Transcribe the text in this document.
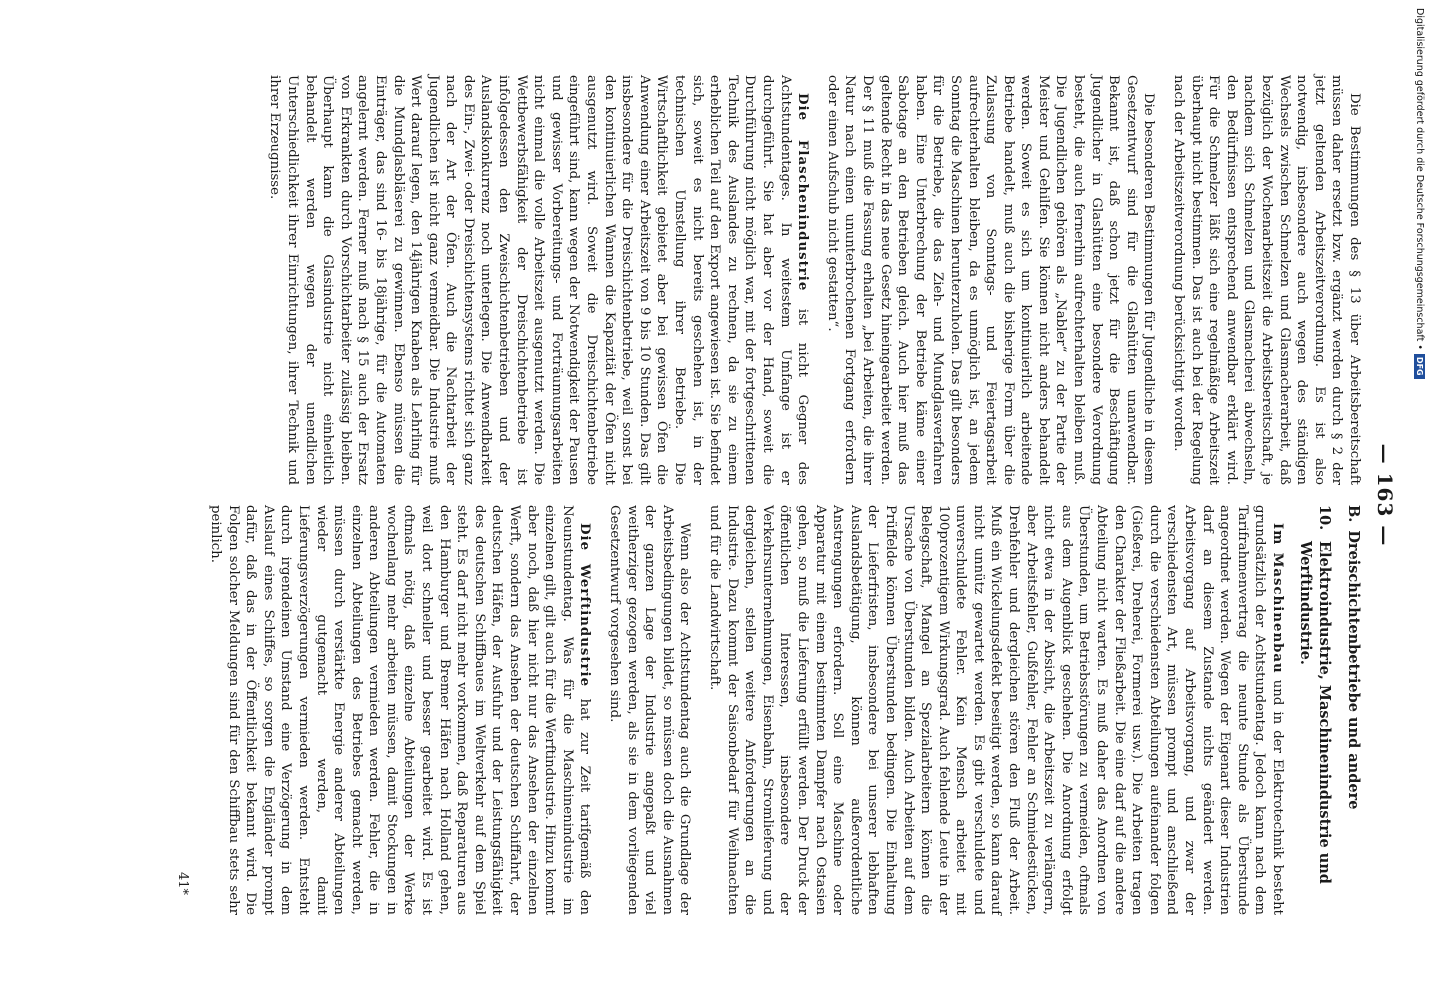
— 163 —

Die Bestimmungen des § 13 über Arbeitsbereitschaft müssen daher ersetzt bzw. ergänzt werden durch § 2 der jetzt geltenden Arbeitszeitverordnung. Es ist also notwendig, insbesondere auch wegen des ständigen Wechsels zwischen Schmelzen und Glasmacherarbeit, daß bezüglich der Wochenarbeitszeit die Arbeitsbereitschaft, je nachdem sich Schmelzen und Glasmacherei abwechseln, den Bedürfnissen entsprechend anwendbar erklärt wird. Für die Schmelzer läßt sich eine regelmäßige Arbeitszeit überhaupt nicht bestimmen. Das ist auch bei der Regelung nach der Arbeitszeitverordnung berücksichtigt worden.

Die besonderen Bestimmungen für Jugendliche in diesem Gesetzentwurf sind für die Glashütten unanwendbar. Bekannt ist, daß schon jetzt für die Beschäftigung Jugendlicher in Glashütten eine besondere Verordnung besteht, die auch fernerhin aufrechterhalten bleiben muß. Die Jugendlichen gehören als „Nabler“ zu der Partie der Meister und Gehilfen. Sie können nicht anders behandelt werden. Soweit es sich um kontinuierlich arbeitende Betriebe handelt, muß auch die bisherige Form über die Zulassung von Sonntags- und Feiertagsarbeit aufrechterhalten bleiben, da es unmöglich ist, an jedem Sonntag die Maschinen herunterzuholen. Das gilt besonders für die Betriebe, die das Zieh- und Mundglasverfahren haben. Eine Unterbrechung der Betriebe käme einer Sabotage an den Betrieben gleich. Auch hier muß das geltende Recht in das neue Gesetz hineingearbeitet werden. Der § 11 muß die Fassung erhalten „bei Arbeiten, die ihrer Natur nach einen ununterbrochenen Fortgang erfordern oder einen Aufschub nicht gestatten“.

Die Flaschenindustrie ist nicht Gegner des Achtstundentages. In weitestem Umfange ist er durchgeführt. Sie hat aber vor der Hand, soweit die Durchführung nicht möglich war, mit der fortgeschrittenen Technik des Auslandes zu rechnen, da sie zu einem erheblichen Teil auf den Export angewiesen ist. Sie befindet sich, soweit es nicht bereits geschehen ist, in der technischen Umstellung ihrer Betriebe. Die Wirtschaftlichkeit gebietet aber bei gewissen Öfen die Anwendung einer Arbeitszeit von 9 bis 10 Stunden. Das gilt insbesondere für die Dreischichtenbetriebe, weil sonst bei den kontinuierlichen Wannen die Kapazität der Öfen nicht ausgenutzt wird. Soweit die Dreischichtenbetriebe eingeführt sind, kann wegen der Notwendigkeit der Pausen und gewisser Vorbereitungs- und Forträumungsarbeiten nicht einmal die volle Arbeitszeit ausgenutzt werden. Die Wettbewerbsfähigkeit der Dreischichtenbetriebe ist infolgedessen den Zweischichtenbetrieben und der Auslandskonkurrenz noch unterlegen. Die Anwendbarkeit des Ein-, Zwei- oder Dreischichtensystems richtet sich ganz nach der Art der Öfen. Auch die Nachtarbeit der Jugendlichen ist nicht ganz vermeidbar. Die Industrie muß Wert darauf legen, den 14jährigen Knaben als Lehrling für die Mundglasbläserei zu gewinnen. Ebenso müssen die Einträger, das sind 16- bis 18jährige, für die Automaten angelernt werden. Ferner muß nach § 15 auch der Ersatz von Erkrankten durch Vorschichtarbeiter zulässig bleiben. Überhaupt kann die Glasindustrie nicht einheitlich behandelt werden wegen der unendlichen Unterschiedlichkeit ihrer Einrichtungen, ihrer Technik und ihrer Erzeugnisse.

B.Dreischichtenbetriebe und andere
10.Elektroindustrie, Maschinenindustrie und Werftindustrie.

Im Maschinenbau und in der Elektrotechnik besteht grundsätzlich der Achtstundentag. Jedoch kann nach dem Tarifrahmenvertrag die neunte Stunde als Überstunde angeordnet werden. Wegen der Eigenart dieser Industrien darf an diesem Zustande nichts geändert werden. Arbeitsvorgang auf Arbeitsvorgang, und zwar der verschiedensten Art, müssen prompt und anschließend durch die verschiedensten Abteilungen aufeinander folgen (Gießerei, Dreherei, Formerei usw.). Die Arbeiten tragen den Charakter der Fließarbeit. Die eine darf auf die andere Abteilung nicht warten. Es muß daher das Anordnen von Überstunden, um Betriebsstörungen zu vermeiden, oftmals aus dem Augenblick geschehen. Die Anordnung erfolgt nicht etwa in der Absicht, die Arbeitszeit zu verlängern, aber Arbeitsfehler, Gußfehler, Fehler an Schmiedestücken, Drehfehler und dergleichen stören den Fluß der Arbeit. Muß ein Wickelungsdefekt beseitigt werden, so kann darauf nicht unnütz gewartet werden. Es gibt verschuldete und unverschuldete Fehler. Kein Mensch arbeitet mit 100prozentigem Wirkungsgrad. Auch fehlende Leute in der Belegschaft, Mangel an Spezialarbeitern können die Ursache von Überstunden bilden. Auch Arbeiten auf dem Prüffelde können Überstunden bedingen. Die Einhaltung der Lieferfristen, insbesondere bei unserer lebhaften Auslandsbetätigung, können außerordentliche Anstrengungen erfordern. Soll eine Maschine oder Apparatur mit einem bestimmten Dampfer nach Ostasien gehen, so muß die Lieferung erfüllt werden. Der Druck der öffentlichen Interessen, insbesondere der Verkehrsunternehmungen, Eisenbahn, Stromlieferung und dergleichen, stellen weitere Anforderungen an die Industrie. Dazu kommt der Saisonbedarf für Weihnachten und für die Landwirtschaft.

Wenn also der Achtstundentag auch die Grundlage der Arbeitsbedingungen bildet, so müssen doch die Ausnahmen der ganzen Lage der Industrie angepaßt und viel weitherziger gezogen werden, als sie in dem vorliegenden Gesetzentwurf vorgesehen sind.

Die Werftindustrie hat zur Zeit tarifgemäß den Neunstundentag. Was für die Maschinenindustrie im einzelnen gilt, gilt auch für die Werftindustrie. Hinzu kommt aber noch, daß hier nicht nur das Ansehen der einzelnen Werft, sondern das Ansehen der deutschen Schiffahrt, der deutschen Häfen, der Ausfuhr und der Leistungsfähigkeit des deutschen Schiffbaues im Weltverkehr auf dem Spiel steht. Es darf nicht mehr vorkommen, daß Reparaturen aus den Hamburger und Bremer Häfen nach Holland gehen, weil dort schneller und besser gearbeitet wird. Es ist oftmals nötig, daß einzelne Abteilungen der Werke wochenlang mehr arbeiten müssen, damit Stockungen in anderen Abteilungen vermieden werden. Fehler, die in einzelnen Abteilungen des Betriebes gemacht werden, müssen durch verstärkte Energie anderer Abteilungen wieder gutgemacht werden, damit Lieferungsverzögerungen vermieden werden. Entsteht durch irgendeinen Umstand eine Verzögerung in dem Auslauf eines Schiffes, so sorgen die Engländer prompt dafür, daß das in der Öffentlichkeit bekannt wird. Die Folgen solcher Meldungen sind für den Schiffbau stets sehr peinlich.

41*
Digitalisierung gefördert durch die Deutsche Forschungsgemeinschaft •
DFG
